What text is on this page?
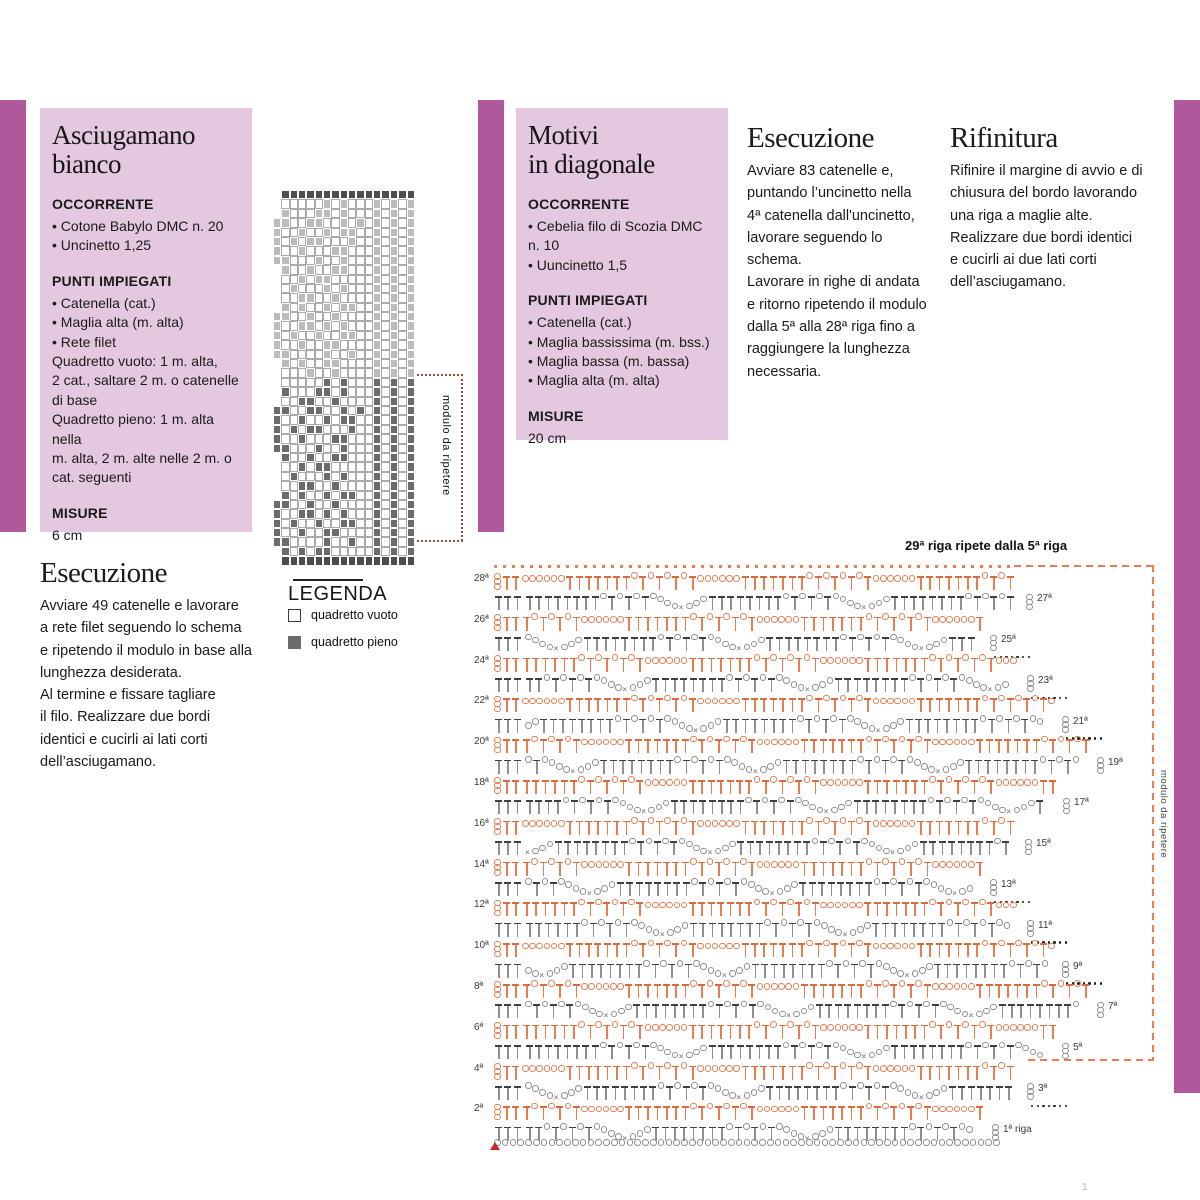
Asciugamano
bianco
OCCORRENTE
• Cotone Babylo DMC n. 20
• Uncinetto 1,25
PUNTI IMPIEGATI
• Catenella (cat.)
• Maglia alta (m. alta)
• Rete filet
Quadretto vuoto: 1 m. alta,
2 cat., saltare 2 m. o catenelle
di base
Quadretto pieno: 1 m. alta nella
m. alta, 2 m. alte nelle 2 m. o
cat. seguenti
MISURE
6 cm
Motivi
in diagonale
OCCORRENTE
• Cebelia filo di Scozia DMC n. 10
• Uuncinetto 1,5
PUNTI IMPIEGATI
• Catenella (cat.)
• Maglia bassissima (m. bss.)
• Maglia bassa (m. bassa)
• Maglia alta (m. alta)
MISURE
20 cm
modulo da ripetere
LEGENDA
quadretto vuoto
quadretto pieno
Esecuzione
Avviare 49 catenelle e lavorare
a rete filet seguendo lo schema
e ripetendo il modulo in base alla
lunghezza desiderata.
Al termine e fissare tagliare
il filo. Realizzare due bordi
identici e cucirli ai lati corti
dell’asciugamano.
Esecuzione
Avviare 83 catenelle e,
puntando l’uncinetto nella
4ª catenella dall'uncinetto,
lavorare seguendo lo
schema.
Lavorare in righe di andata
e ritorno ripetendo il modulo
dalla 5ª alla 28ª riga fino a
raggiungere la lunghezza
necessaria.
Rifinitura
Rifinire il margine di avvio e di
chiusura del bordo lavorando
una riga a maglie alte.
Realizzare due bordi identici
e cucirli ai due lati corti
dell’asciugamano.
29ª riga ripete dalla 5ª riga
modulo da ripetere
28ª
×	×
27ª
26ª
×	×	×
25ª
24ª
×	×	×
23ª
22ª
×	×
21ª
20ª
×	×	×
19ª
18ª
×	×	×
17ª
16ª
×	×	×
15ª
14ª
×	×	×
13ª
12ª
×	×
11ª
10ª
×	×	×
9ª
8ª
×	×	×
7ª
6ª
×	×
5ª
4ª
×	×	×
3ª
2ª
×	×
1ª riga
1
